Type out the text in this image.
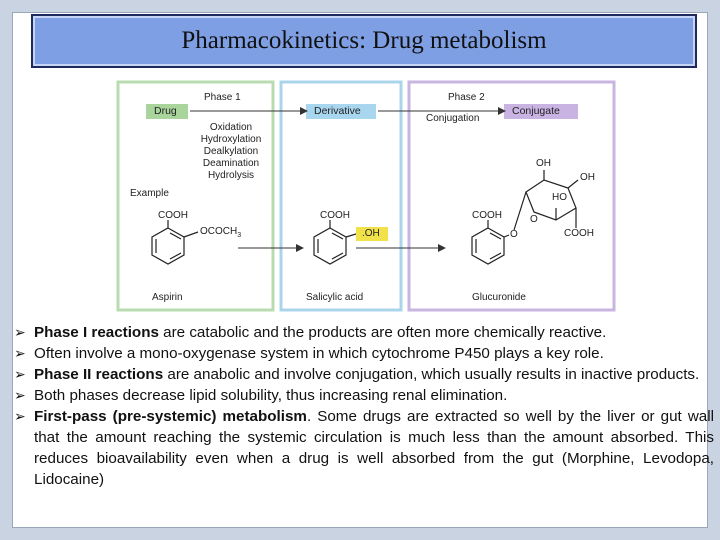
Pharmacokinetics: Drug metabolism
Phase 1	Phase 2
Drug	Derivative	Conjugate
Oxidation
Hydroxylation
Dealkylation
Deamination
Hydrolysis
Conjugation
Example
COOH
$OCOCH_3$
Aspirin
COOH
.OH
Salicylic acid
COOH
OH
OH
HO
O
O	COOH
Glucuronide
➢ Phase I reactions are catabolic and the products are often more chemically reactive.
➢ Often involve a mono-oxygenase system in which cytochrome P450 plays a key role.
➢ Phase II reactions are anabolic and involve conjugation, which usually results in inactive products.
➢ Both phases decrease lipid solubility, thus increasing renal elimination.
➢ First-pass (pre-systemic) metabolism. Some drugs are extracted so well by the liver or gut wall that the amount reaching the systemic circulation is much less than the amount absorbed. This reduces bioavailability even when a drug is well absorbed from the gut (Morphine, Levodopa, Lidocaine)
